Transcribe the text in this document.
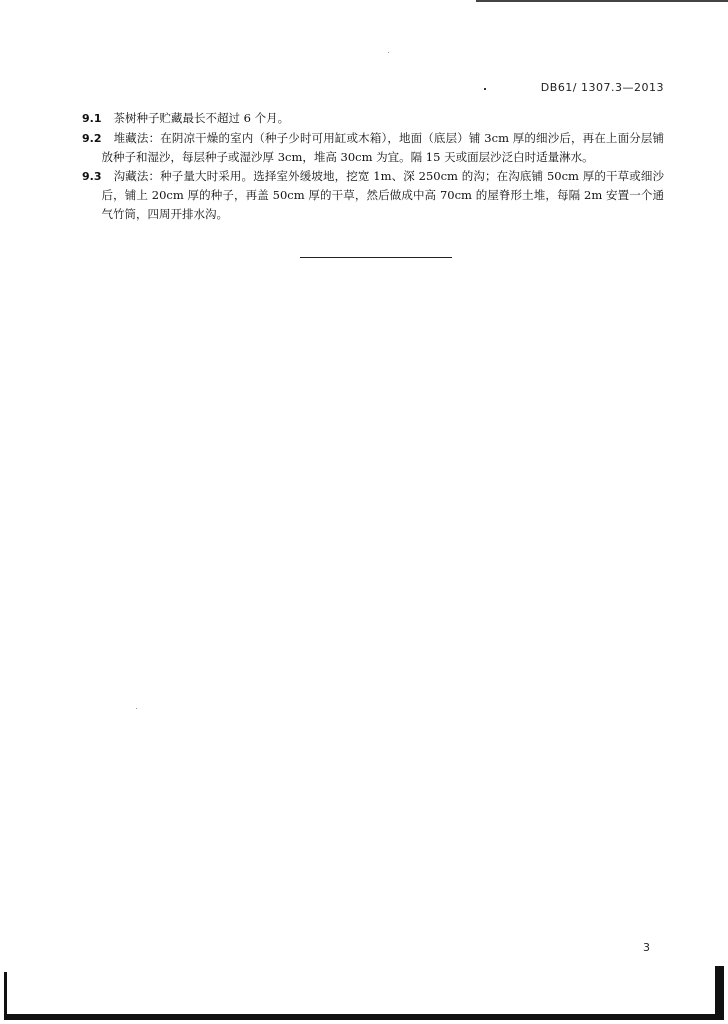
DB61/ 1307.3—2013

9.1 茶树种子贮藏最长不超过 6 个月。

9.2 堆藏法：在阴凉干燥的室内（种子少时可用缸或木箱），地面（底层）铺 3cm 厚的细沙后，再在上面分层铺放种子和湿沙，每层种子或湿沙厚 3cm，堆高 30cm 为宜。隔 15 天或面层沙泛白时适量淋水。

9.3 沟藏法：种子量大时采用。选择室外缓坡地，挖宽 1m、深 250cm 的沟；在沟底铺 50cm 厚的干草或细沙后，铺上 20cm 厚的种子，再盖 50cm 厚的干草，然后做成中高 70cm 的屋脊形土堆，每隔 2m 安置一个通气竹筒，四周开排水沟。

3
